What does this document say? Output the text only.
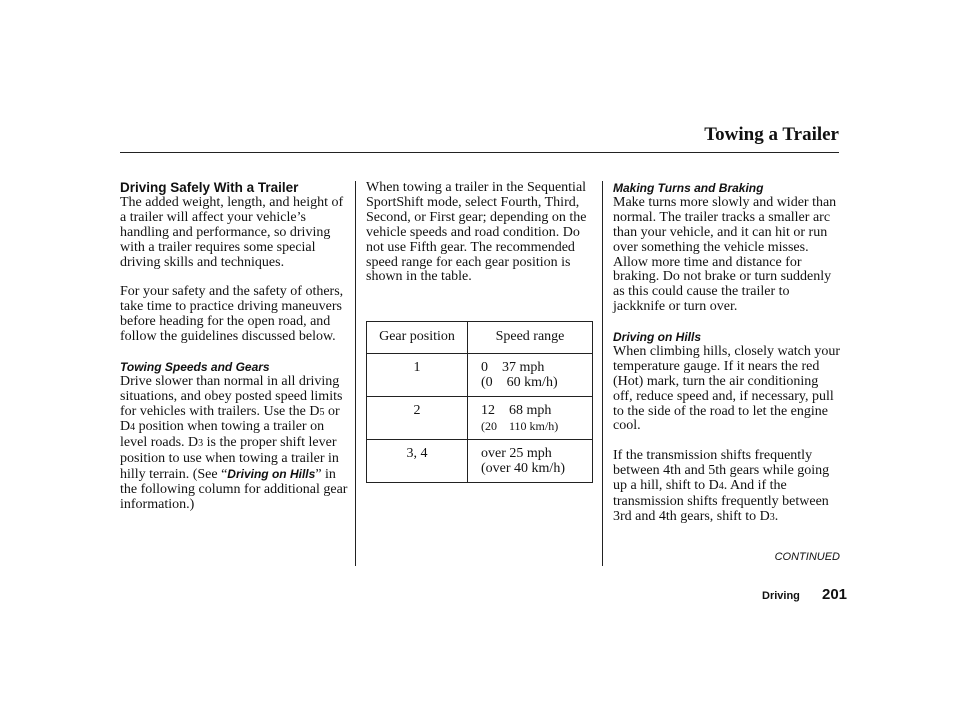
Towing a Trailer
Driving Safely With a Trailer

The added weight, length, and height of a trailer will affect your vehicle’s handling and performance, so driving with a trailer requires some special driving skills and techniques.

For your safety and the safety of others, take time to practice driving maneuvers before heading for the open road, and follow the guidelines discussed below.

Towing Speeds and Gears

Drive slower than normal in all driving situations, and obey posted speed limits for vehicles with trailers. Use the D5 or D4 position when towing a trailer on level roads. D3 is the proper shift lever position to use when towing a trailer in hilly terrain. (See “Driving on Hills” in the following column for additional gear information.)

When towing a trailer in the Sequential SportShift mode, select Fourth, Third, Second, or First gear; depending on the vehicle speeds and road condition. Do not use Fifth gear. The recommended speed range for each gear position is shown in the table.

Gear position	Speed range
1	0    37 mph
(0    60 km/h)

2	12    68 mph
(20    110 km/h)

3, 4	over 25 mph
(over 40 km/h)
Making Turns and Braking

Make turns more slowly and wider than normal. The trailer tracks a smaller arc than your vehicle, and it can hit or run over something the vehicle misses. Allow more time and distance for braking. Do not brake or turn suddenly as this could cause the trailer to jackknife or turn over.

Driving on Hills

When climbing hills, closely watch your temperature gauge. If it nears the red (Hot) mark, turn the air conditioning off, reduce speed and, if necessary, pull to the side of the road to let the engine cool.

If the transmission shifts frequently between 4th and 5th gears while going up a hill, shift to D4. And if the transmission shifts frequently between 3rd and 4th gears, shift to D3.

CONTINUED
Driving 201
